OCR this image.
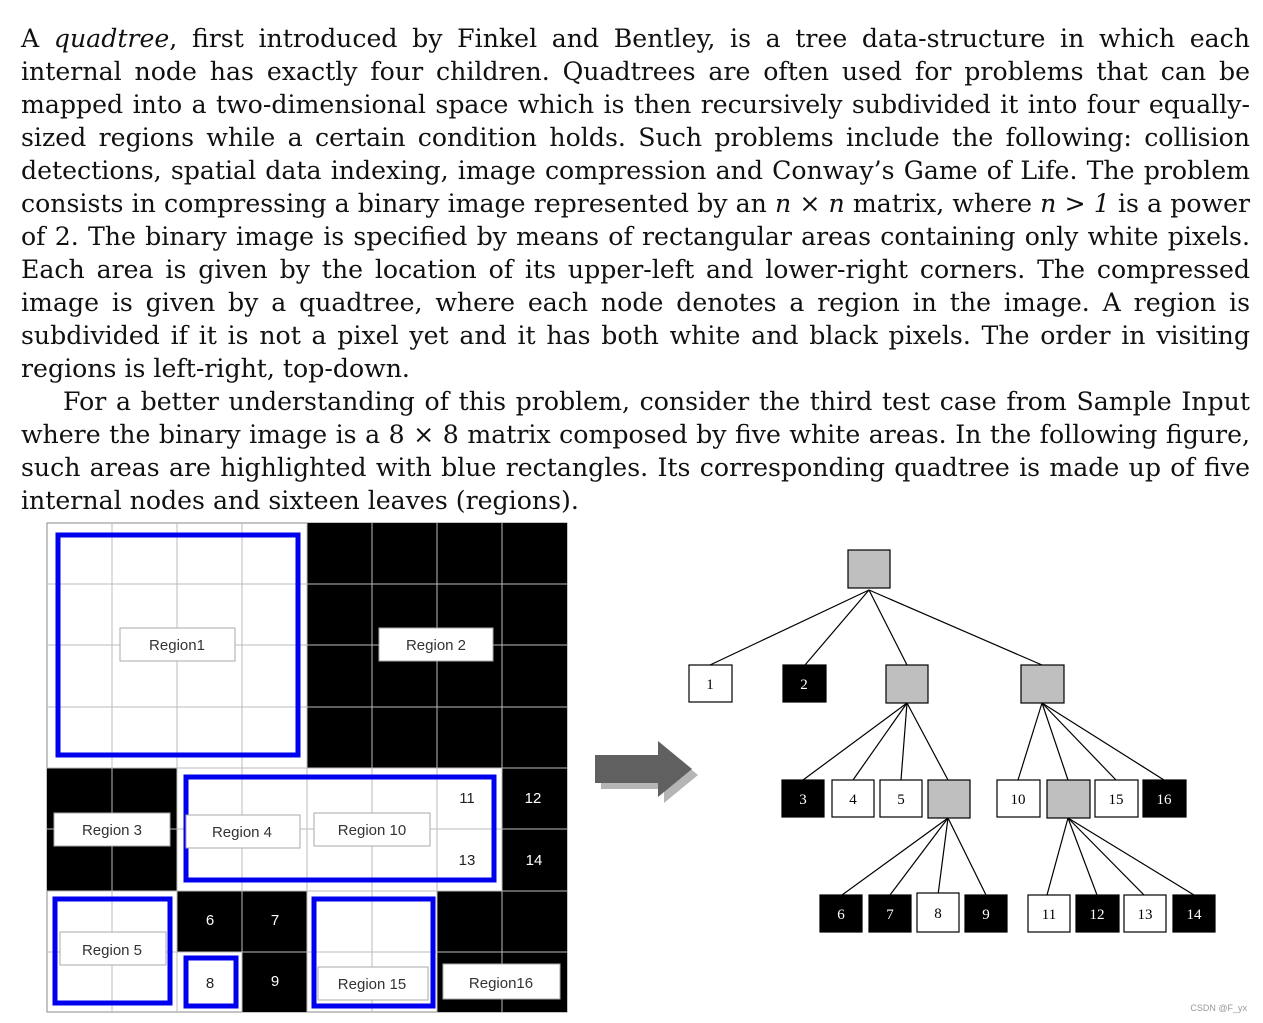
A quadtree, first introduced by Finkel and Bentley, is a tree data-structure in which each internal node has exactly four children. Quadtrees are often used for problems that can be mapped into a two-dimensional space which is then recursively subdivided it into four equally-sized regions while a certain condition holds. Such problems include the following: collision detections, spatial data indexing, image compression and Conway’s Game of Life. The problem consists in compressing a binary image represented by an n × n matrix, where n > 1 is a power of 2. The binary image is specified by means of rectangular areas containing only white pixels. Each area is given by the location of its upper-left and lower-right corners. The compressed image is given by a quadtree, where each node denotes a region in the image. A region is subdivided if it is not a pixel yet and it has both white and black pixels. The order in visiting regions is left-right, top-down.

For a better understanding of this problem, consider the third test case from Sample Input where the binary image is a 8 × 8 matrix composed by five white areas. In the following figure, such areas are highlighted with blue rectangles. Its corresponding quadtree is made up of five internal nodes and sixteen leaves (regions).

Region1	Region 2
Region 3	Region 4	Region 10
Region 5
Region 15	Region16
11	12
13	14
6	7
8	9
1	2
3	4	5	10	15 16
6	7	8	9	11 12 13 14
CSDN @F_yx
